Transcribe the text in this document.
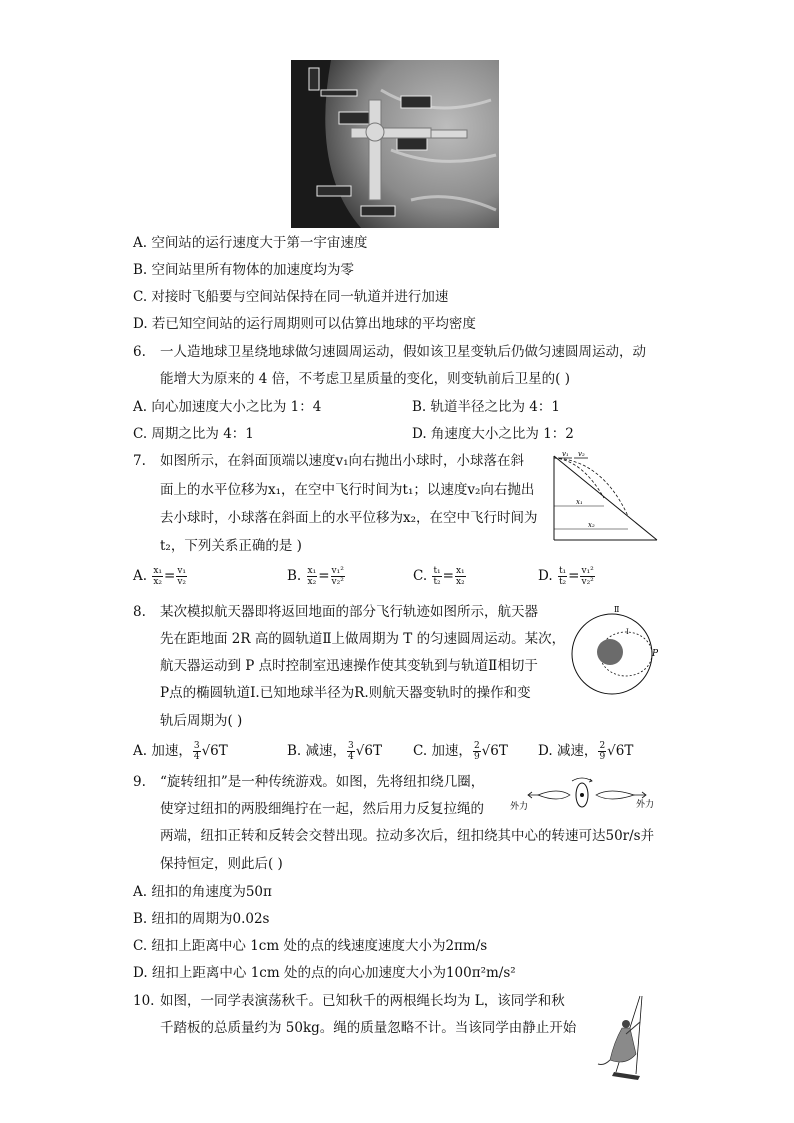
A. 空间站的运行速度大于第一宇宙速度
B. 空间站里所有物体的加速度均为零
C. 对接时飞船要与空间站保持在同一轨道并进行加速
D. 若已知空间站的运行周期则可以估算出地球的平均密度
6. 一人造地球卫星绕地球做匀速圆周运动，假如该卫星变轨后仍做匀速圆周运动，动
能增大为原来的 4 倍，不考虑卫星质量的变化，则变轨前后卫星的( )
A. 向心加速度大小之比为 1：4	B. 轨道半径之比为 4：1
C. 周期之比为 4：1	D. 角速度大小之比为 1：2
7. 如图所示，在斜面顶端以速度v₁向右抛出小球时，小球落在斜
面上的水平位移为x₁，在空中飞行时间为t₁；以速度v₂向右抛出
去小球时，小球落在斜面上的水平位移为x₂，在空中飞行时间为
t₂，下列关系正确的是 )
v₁ v₂
x₁
x₂
A. $\frac{\text{x₁}}{\text{x₂}} = \frac{\text{v₁}}{\text{v₂}}$	B. $\frac{\text{x₁}}{\text{x₂}} = \frac{\text{v₁²}}{\text{v₂²}}$	C. $\frac{\text{t₁}}{\text{t₂}} = \frac{\text{x₁}}{\text{x₂}}$	D. $\frac{\text{t₁}}{\text{t₂}} = \frac{\text{v₁²}}{\text{v₂²}}$
8. 某次模拟航天器即将返回地面的部分飞行轨迹如图所示，航天器
先在距地面 2R 高的圆轨道Ⅱ上做周期为 T 的匀速圆周运动。某次，
航天器运动到 P 点时控制室迅速操作使其变轨到与轨道Ⅱ相切于
P点的椭圆轨道Ⅰ.已知地球半径为R.则航天器变轨时的操作和变
轨后周期为( )
Ⅱ
Ⅰ
P
A. 加速， $\frac{3}{4} √6T$	B. 减速， $\frac{3}{4} √6T$ C. 加速， $\frac{2}{9} √6T$ D. 减速， $\frac{2}{9} √6T$
9. “旋转纽扣”是一种传统游戏。如图，先将纽扣绕几圈，
使穿过纽扣的两股细绳拧在一起，然后用力反复拉绳的
两端，纽扣正转和反转会交替出现。拉动多次后，纽扣绕其中心的转速可达50r/s并
保持恒定，则此后( )
外力	外力
A. 纽扣的角速度为50π
B. 纽扣的周期为0.02s
C. 纽扣上距离中心 1cm 处的点的线速度速度大小为2πm/s
D. 纽扣上距离中心 1cm 处的点的向心加速度大小为100π²m/s²
10. 如图，一同学表演荡秋千。已知秋千的两根绳长均为 L，该同学和秋
千踏板的总质量约为 50kg。绳的质量忽略不计。当该同学由静止开始
